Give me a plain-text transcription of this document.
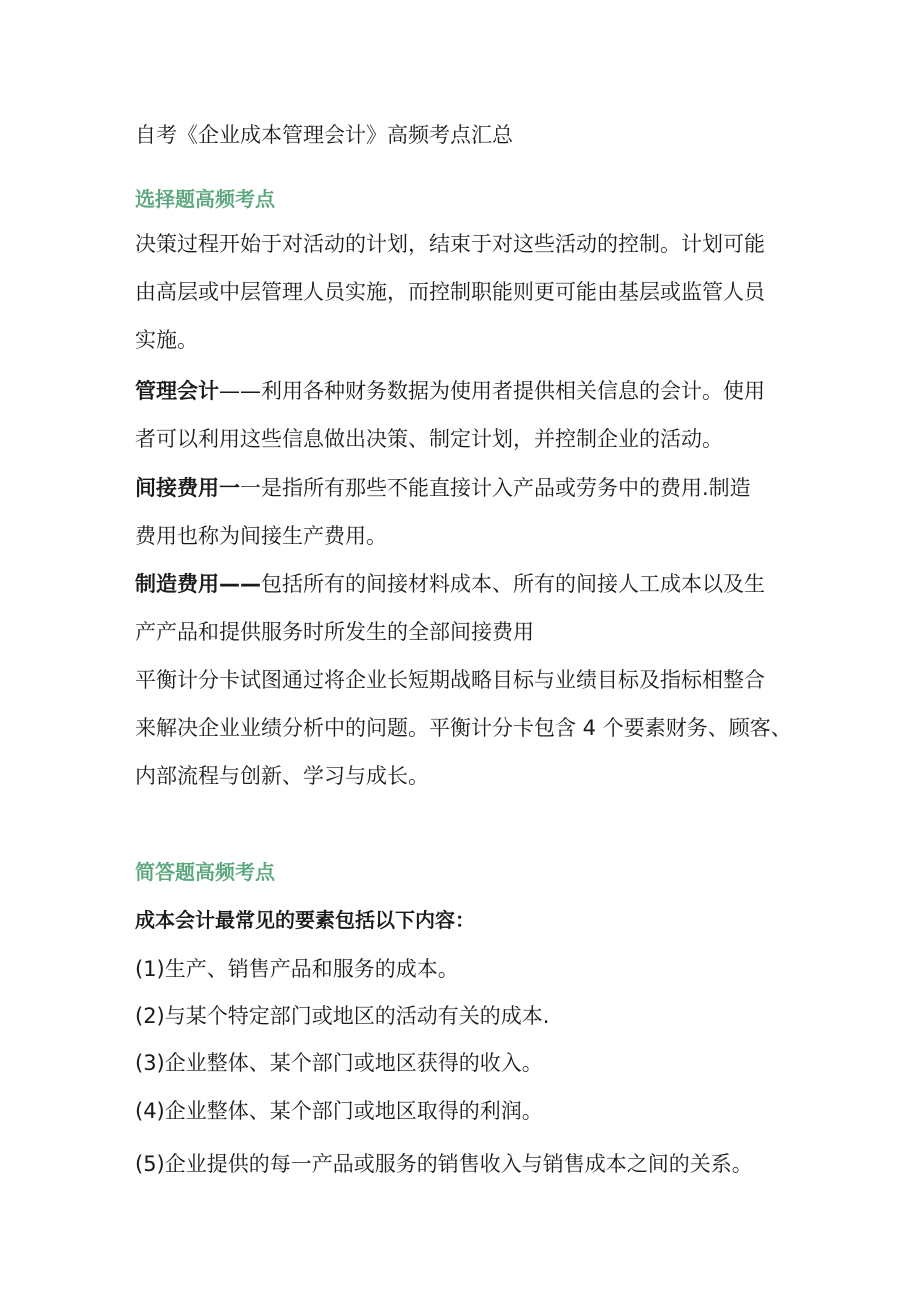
自考《企业成本管理会计》高频考点汇总
选择题高频考点

决策过程开始于对活动的计划，结束于对这些活动的控制。计划可能
由高层或中层管理人员实施，而控制职能则更可能由基层或监管人员
实施。

管理会计——利用各种财务数据为使用者提供相关信息的会计。使用
者可以利用这些信息做出决策、制定计划，并控制企业的活动。

间接费用一一是指所有那些不能直接计入产品或劳务中的费用.制造
费用也称为间接生产费用。

制造费用——包括所有的间接材料成本、所有的间接人工成本以及生
产产品和提供服务时所发生的全部间接费用

平衡计分卡试图通过将企业长短期战略目标与业绩目标及指标相整合
来解决企业业绩分析中的问题。平衡计分卡包含 4 个要素财务、顾客、
内部流程与创新、学习与成长。

简答题高频考点

成本会计最常见的要素包括以下内容：

(1)生产、销售产品和服务的成本。

(2)与某个特定部门或地区的活动有关的成本.

(3)企业整体、某个部门或地区获得的收入。

(4)企业整体、某个部门或地区取得的利润。

(5)企业提供的每一产品或服务的销售收入与销售成本之间的关系。
